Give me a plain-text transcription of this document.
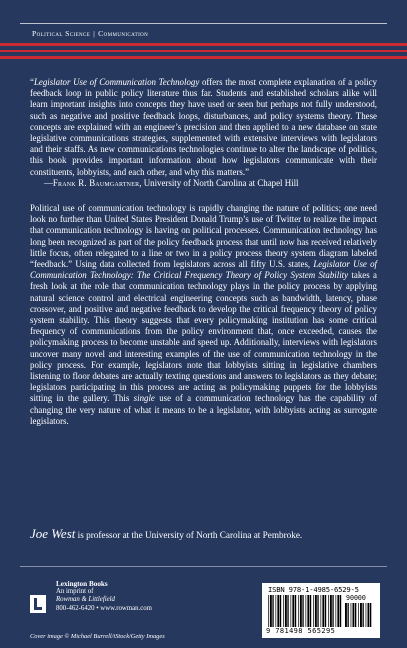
Political Science | Communication

“Legislator Use of Communication Technology offers the most complete explanation of a policy feedback loop in public policy literature thus far. Students and established scholars alike will learn important insights into concepts they have used or seen but perhaps not fully understood, such as negative and positive feedback loops, disturbances, and policy systems theory. These concepts are explained with an engineer’s precision and then applied to a new database on state legislative communications strategies, supplemented with extensive interviews with legislators and their staffs. As new communications technologies continue to alter the landscape of politics, this book provides important information about how legislators communicate with their constituents, lobbyists, and each other, and why this matters.”
—Frank R. Baumgartner, University of North Carolina at Chapel Hill

Political use of communication technology is rapidly changing the nature of politics; one need look no further than United States President Donald Trump’s use of Twitter to realize the impact that communication technology is having on political processes. Communication technology has long been recognized as part of the policy feedback process that until now has received relatively little focus, often relegated to a line or two in a policy process theory system diagram labeled “feedback.” Using data collected from legislators across all fifty U.S. states, Legislator Use of Communication Technology: The Critical Frequency Theory of Policy System Stability takes a fresh look at the role that communication technology plays in the policy process by applying natural science control and electrical engineering concepts such as bandwidth, latency, phase crossover, and positive and negative feedback to develop the critical frequency theory of policy system stability. This theory suggests that every policymaking institution has some critical frequency of communications from the policy environment that, once exceeded, causes the policymaking process to become unstable and speed up. Additionally, interviews with legislators uncover many novel and interesting examples of the use of communication technology in the policy process. For example, legislators note that lobbyists sitting in legislative chambers listening to floor debates are actually texting questions and answers to legislators as they debate; legislators participating in this process are acting as policymaking puppets for the lobbyists sitting in the gallery. This single use of a communication technology has the capability of changing the very nature of what it means to be a legislator, with lobbyists acting as surrogate legislators.

Joe West is professor at the University of North Carolina at Pembroke.
Lexington Books
An imprint of
Rowman & Littlefield
800-462-6420 • www.rowman.com
Cover image © Michael Burrell/iStock/Getty Images
ISBN 978-1-4985-6529-5
90000
9 781498 565295
